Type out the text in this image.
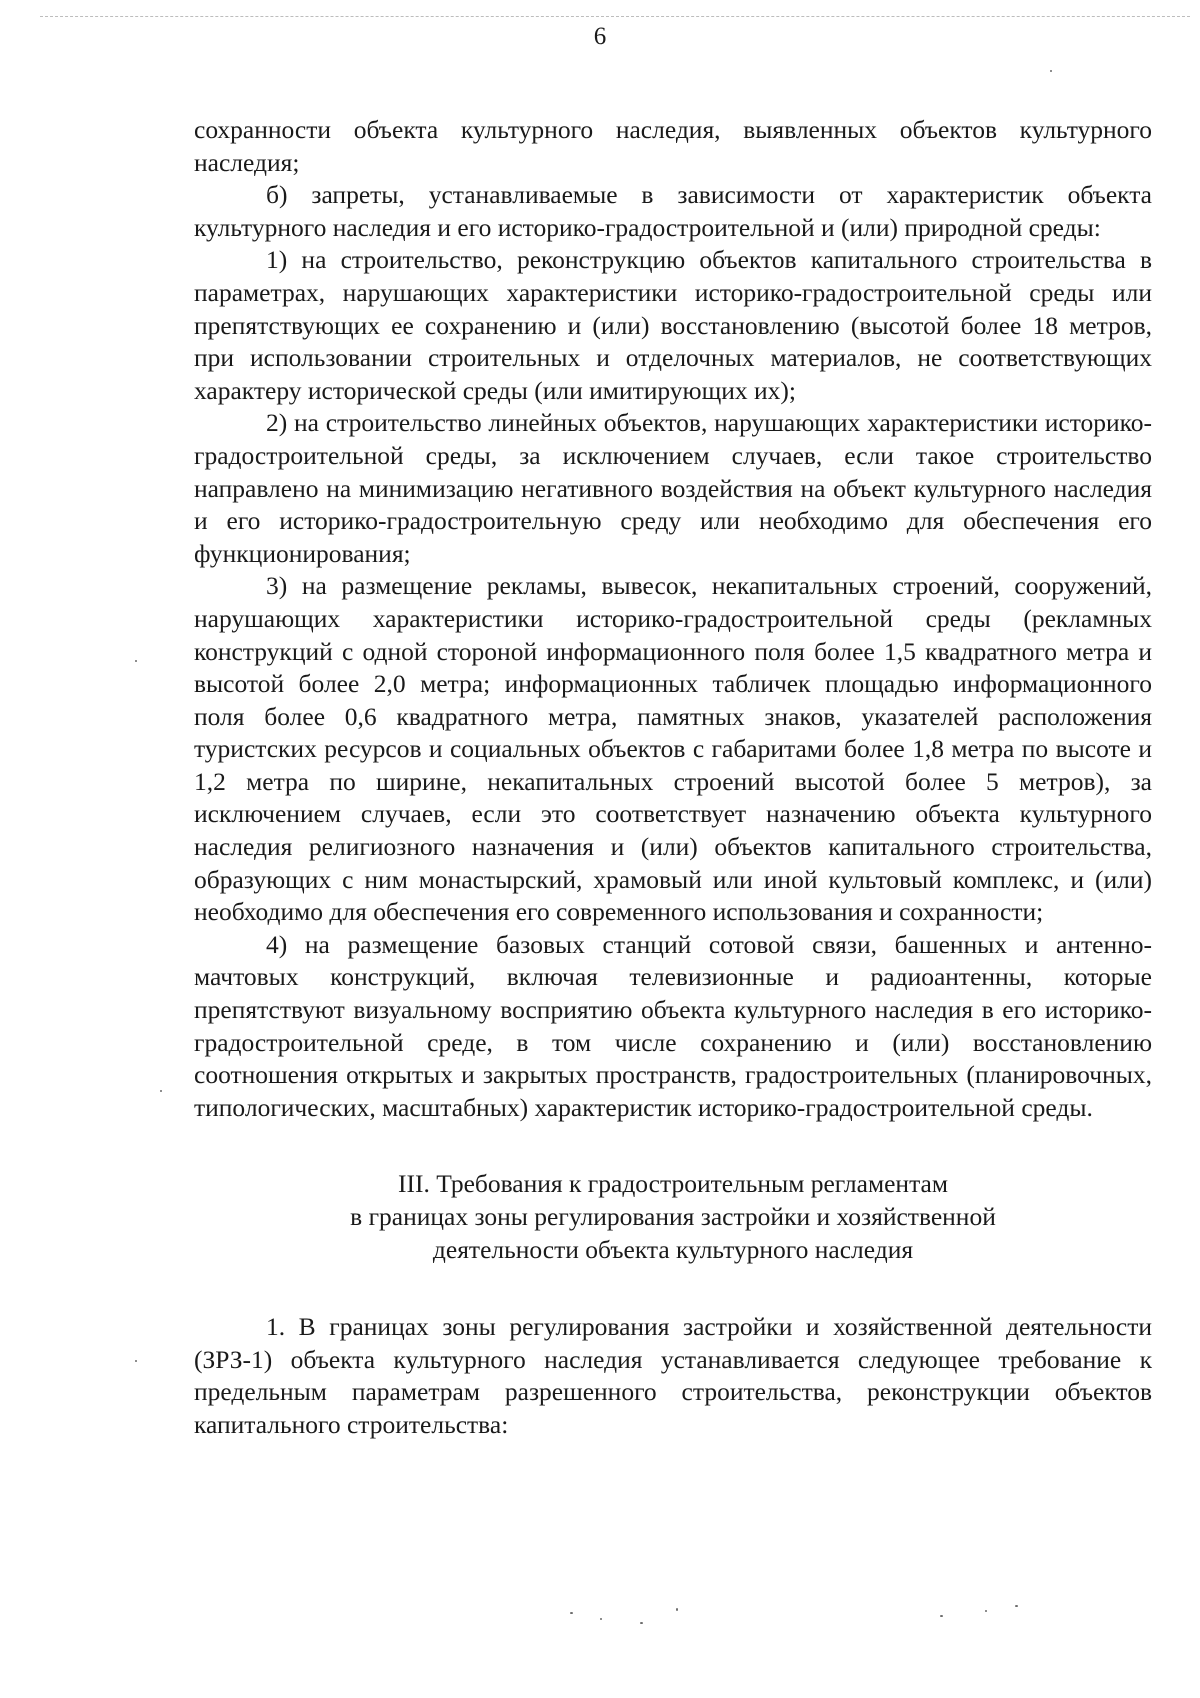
6

сохранности объекта культурного наследия, выявленных объектов культурного наследия;

б) запреты, устанавливаемые в зависимости от характеристик объекта культурного наследия и его историко-градостроительной и (или) природной среды:

1) на строительство, реконструкцию объектов капитального строительства в параметрах, нарушающих характеристики историко-градостроительной среды или препятствующих ее сохранению и (или) восстановлению (высотой более 18 метров, при использовании строительных и отделочных материалов, не соответствующих характеру исторической среды (или имитирующих их);

2) на строительство линейных объектов, нарушающих характеристики историко-градостроительной среды, за исключением случаев, если такое строительство направлено на минимизацию негативного воздействия на объект культурного наследия и его историко-градостроительную среду или необходимо для обеспечения его функционирования;

3) на размещение рекламы, вывесок, некапитальных строений, сооружений, нарушающих характеристики историко-градостроительной среды (рекламных конструкций с одной стороной информационного поля более 1,5 квадратного метра и высотой более 2,0 метра; информационных табличек площадью информационного поля более 0,6 квадратного метра, памятных знаков, указателей расположения туристских ресурсов и социальных объектов с габаритами более 1,8 метра по высоте и 1,2 метра по ширине, некапитальных строений высотой более 5 метров), за исключением случаев, если это соответствует назначению объекта культурного наследия религиозного назначения и (или) объектов капитального строительства, образующих с ним монастырский, храмовый или иной культовый комплекс, и (или) необходимо для обеспечения его современного использования и сохранности;

4) на размещение базовых станций сотовой связи, башенных и антенно-мачтовых конструкций, включая телевизионные и радиоантенны, которые препятствуют визуальному восприятию объекта культурного наследия в его историко-градостроительной среде, в том числе сохранению и (или) восстановлению соотношения открытых и закрытых пространств, градостроительных (планировочных, типологических, масштабных) характеристик историко-градостроительной среды.

III. Требования к градостроительным регламентам
в границах зоны регулирования застройки и хозяйственной
деятельности объекта культурного наследия

1. В границах зоны регулирования застройки и хозяйственной деятельности (ЗРЗ-1) объекта культурного наследия устанавливается следующее требование к предельным параметрам разрешенного строительства, реконструкции объектов капитального строительства:
